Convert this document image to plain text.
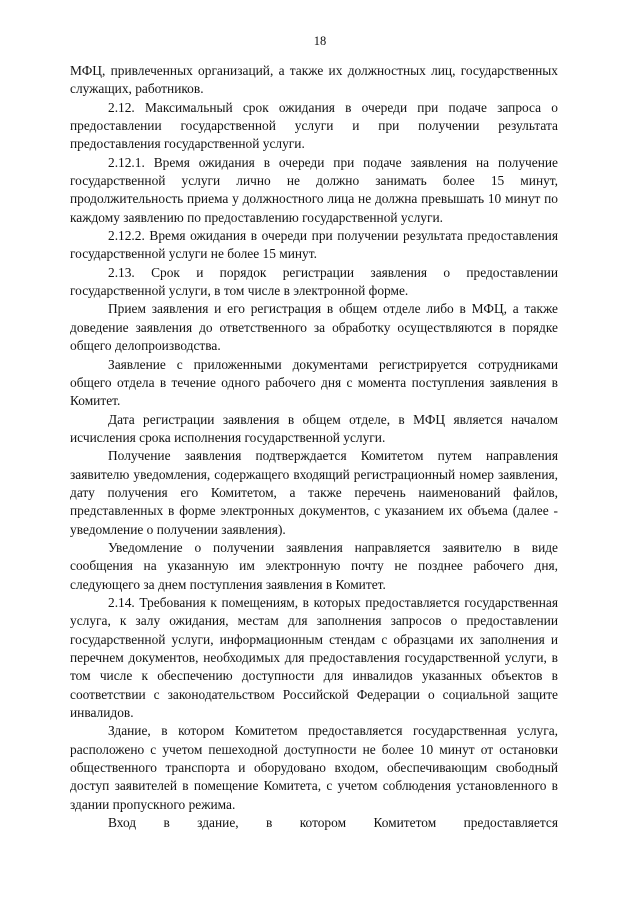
18

МФЦ, привлеченных организаций, а также их должностных лиц, государственных служащих, работников.

2.12. Максимальный срок ожидания в очереди при подаче запроса о предоставлении государственной услуги и при получении результата предоставления государственной услуги.

2.12.1. Время ожидания в очереди при подаче заявления на получение государственной услуги лично не должно занимать более 15 минут, продолжительность приема у должностного лица не должна превышать 10 минут по каждому заявлению по предоставлению государственной услуги.

2.12.2. Время ожидания в очереди при получении результата предоставления государственной услуги не более 15 минут.

2.13. Срок и порядок регистрации заявления о предоставлении государственной услуги, в том числе в электронной форме.

Прием заявления и его регистрация в общем отделе либо в МФЦ, а также доведение заявления до ответственного за обработку осуществляются в порядке общего делопроизводства.

Заявление с приложенными документами регистрируется сотрудниками общего отдела в течение одного рабочего дня с момента поступления заявления в Комитет.

Дата регистрации заявления в общем отделе, в МФЦ является началом исчисления срока исполнения государственной услуги.

Получение заявления подтверждается Комитетом путем направления заявителю уведомления, содержащего входящий регистрационный номер заявления, дату получения его Комитетом, а также перечень наименований файлов, представленных в форме электронных документов, с указанием их объема (далее - уведомление о получении заявления).

Уведомление о получении заявления направляется заявителю в виде сообщения на указанную им электронную почту не позднее рабочего дня, следующего за днем поступления заявления в Комитет.

2.14. Требования к помещениям, в которых предоставляется государственная услуга, к залу ожидания, местам для заполнения запросов о предоставлении государственной услуги, информационным стендам с образцами их заполнения и перечнем документов, необходимых для предоставления государственной услуги, в том числе к обеспечению доступности для инвалидов указанных объектов в соответствии с законодательством Российской Федерации о социальной защите инвалидов.

Здание, в котором Комитетом предоставляется государственная услуга, расположено с учетом пешеходной доступности не более 10 минут от остановки общественного транспорта и оборудовано входом, обеспечивающим свободный доступ заявителей в помещение Комитета, с учетом соблюдения установленного в здании пропускного режима.

Вход в здание, в котором Комитетом предоставляется
